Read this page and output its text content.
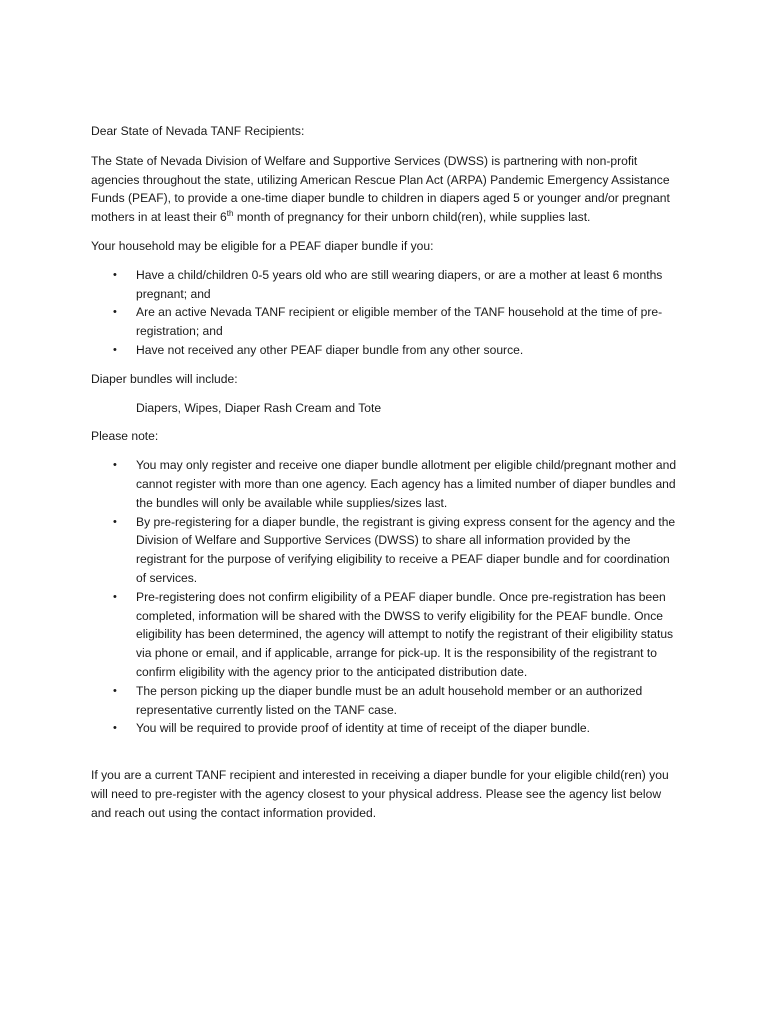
Dear State of Nevada TANF Recipients:

The State of Nevada Division of Welfare and Supportive Services (DWSS) is partnering with non-profit agencies throughout the state, utilizing American Rescue Plan Act (ARPA) Pandemic Emergency Assistance Funds (PEAF), to provide a one-time diaper bundle to children in diapers aged 5 or younger and/or pregnant mothers in at least their 6th month of pregnancy for their unborn child(ren), while supplies last.

Your household may be eligible for a PEAF diaper bundle if you:

• Have a child/children 0-5 years old who are still wearing diapers, or are a mother at least 6 months pregnant; and
• Are an active Nevada TANF recipient or eligible member of the TANF household at the time of pre-registration; and
• Have not received any other PEAF diaper bundle from any other source.

Diaper bundles will include:

Diapers, Wipes, Diaper Rash Cream and Tote

Please note:

• You may only register and receive one diaper bundle allotment per eligible child/pregnant mother and cannot register with more than one agency. Each agency has a limited number of diaper bundles and the bundles will only be available while supplies/sizes last.
• By pre-registering for a diaper bundle, the registrant is giving express consent for the agency and the Division of Welfare and Supportive Services (DWSS) to share all information provided by the registrant for the purpose of verifying eligibility to receive a PEAF diaper bundle and for coordination of services.
• Pre-registering does not confirm eligibility of a PEAF diaper bundle. Once pre-registration has been completed, information will be shared with the DWSS to verify eligibility for the PEAF bundle. Once eligibility has been determined, the agency will attempt to notify the registrant of their eligibility status via phone or email, and if applicable, arrange for pick-up. It is the responsibility of the registrant to confirm eligibility with the agency prior to the anticipated distribution date.
• The person picking up the diaper bundle must be an adult household member or an authorized representative currently listed on the TANF case.
• You will be required to provide proof of identity at time of receipt of the diaper bundle.

If you are a current TANF recipient and interested in receiving a diaper bundle for your eligible child(ren) you will need to pre-register with the agency closest to your physical address. Please see the agency list below and reach out using the contact information provided.
